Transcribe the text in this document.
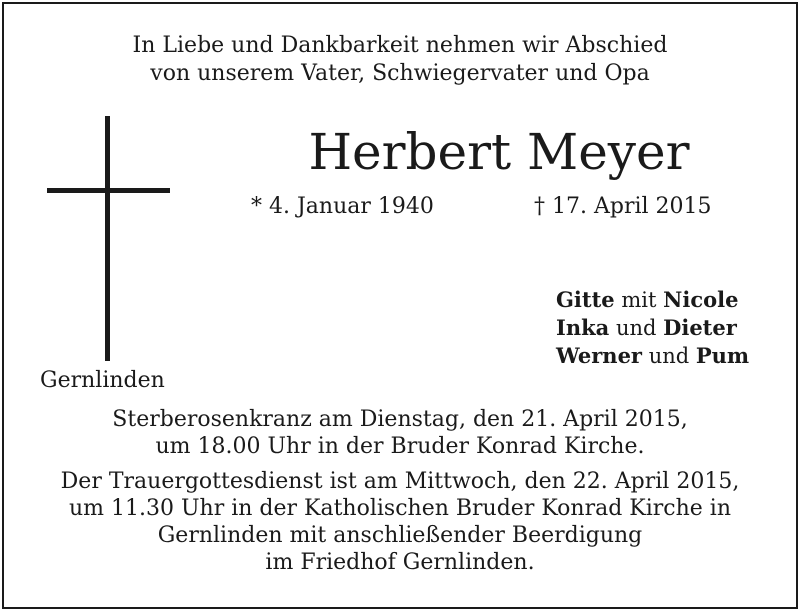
In Liebe und Dankbarkeit nehmen wir Abschied
von unserem Vater, Schwiegervater und Opa
Herbert Meyer
* 4. Januar 1940	† 17. April 2015
Gernlinden
Gitte mit Nicole
Inka und Dieter
Werner und Pum
Sterberosenkranz am Dienstag, den 21. April 2015,
um 18.00 Uhr in der Bruder Konrad Kirche.
Der Trauergottesdienst ist am Mittwoch, den 22. April 2015,
um 11.30 Uhr in der Katholischen Bruder Konrad Kirche in
Gernlinden mit anschließender Beerdigung
im Friedhof Gernlinden.
